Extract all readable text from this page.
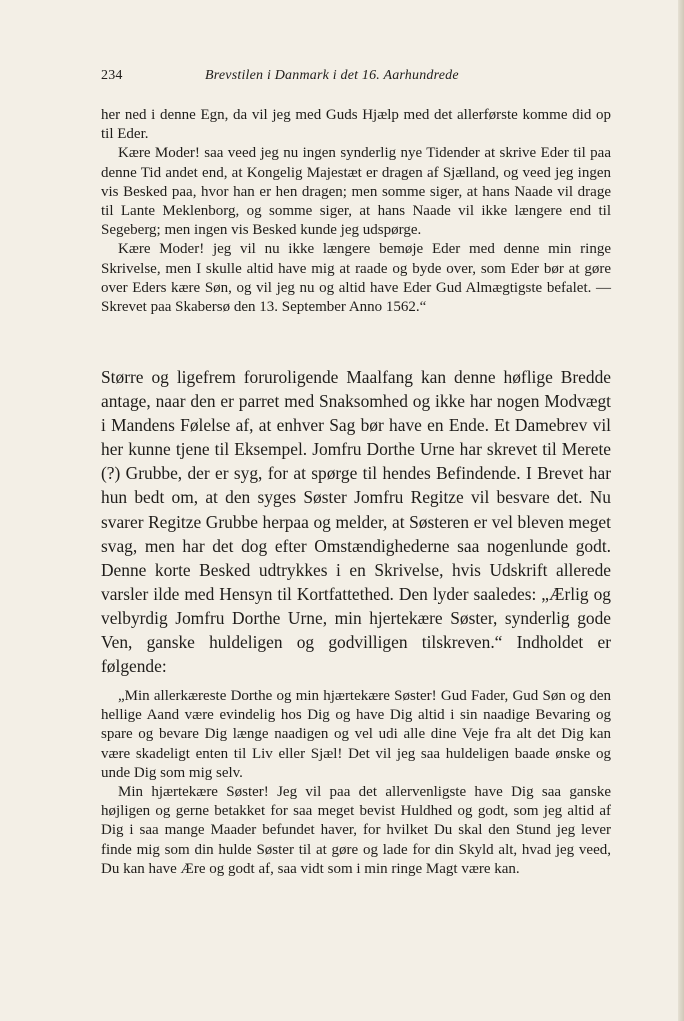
234	Brevstilen i Danmark i det 16. Aarhundrede

her ned i denne Egn, da vil jeg med Guds Hjælp med det allerførste komme did op til Eder.

Kære Moder! saa veed jeg nu ingen synderlig nye Tidender at skrive Eder til paa denne Tid andet end, at Kongelig Majestæt er dragen af Sjælland, og veed jeg ingen vis Besked paa, hvor han er hen dragen; men somme siger, at hans Naade vil drage til Lante Meklenborg, og somme siger, at hans Naade vil ikke længere end til Segeberg; men ingen vis Besked kunde jeg udspørge.

Kære Moder! jeg vil nu ikke længere bemøje Eder med denne min ringe Skrivelse, men I skulle altid have mig at raade og byde over, som Eder bør at gøre over Eders kære Søn, og vil jeg nu og altid have Eder Gud Almægtigste befalet. — Skrevet paa Skabersø den 13. September Anno 1562.“

Større og ligefrem foruroligende Maalfang kan denne høflige Bredde antage, naar den er parret med Snaksomhed og ikke har nogen Modvægt i Mandens Følelse af, at enhver Sag bør have en Ende. Et Damebrev vil her kunne tjene til Eksempel. Jomfru Dorthe Urne har skrevet til Merete (?) Grubbe, der er syg, for at spørge til hendes Befindende. I Brevet har hun bedt om, at den syges Søster Jomfru Regitze vil besvare det. Nu svarer Regitze Grubbe herpaa og melder, at Søsteren er vel bleven meget svag, men har det dog efter Omstændighederne saa nogenlunde godt. Denne korte Besked udtrykkes i en Skrivelse, hvis Udskrift allerede varsler ilde med Hensyn til Kortfattethed. Den lyder saaledes: „Ærlig og velbyrdig Jomfru Dorthe Urne, min hjertekære Søster, synderlig gode Ven, ganske huldeligen og godvilligen tilskreven.“ Indholdet er følgende:

„Min allerkæreste Dorthe og min hjærtekære Søster! Gud Fader, Gud Søn og den hellige Aand være evindelig hos Dig og have Dig altid i sin naadige Bevaring og spare og bevare Dig længe naadigen og vel udi alle dine Veje fra alt det Dig kan være skadeligt enten til Liv eller Sjæl! Det vil jeg saa huldeligen baade ønske og unde Dig som mig selv.

Min hjærtekære Søster! Jeg vil paa det allervenligste have Dig saa ganske højligen og gerne betakket for saa meget bevist Huldhed og godt, som jeg altid af Dig i saa mange Maader befundet haver, for hvilket Du skal den Stund jeg lever finde mig som din hulde Søster til at gøre og lade for din Skyld alt, hvad jeg veed, Du kan have Ære og godt af, saa vidt som i min ringe Magt være kan.
